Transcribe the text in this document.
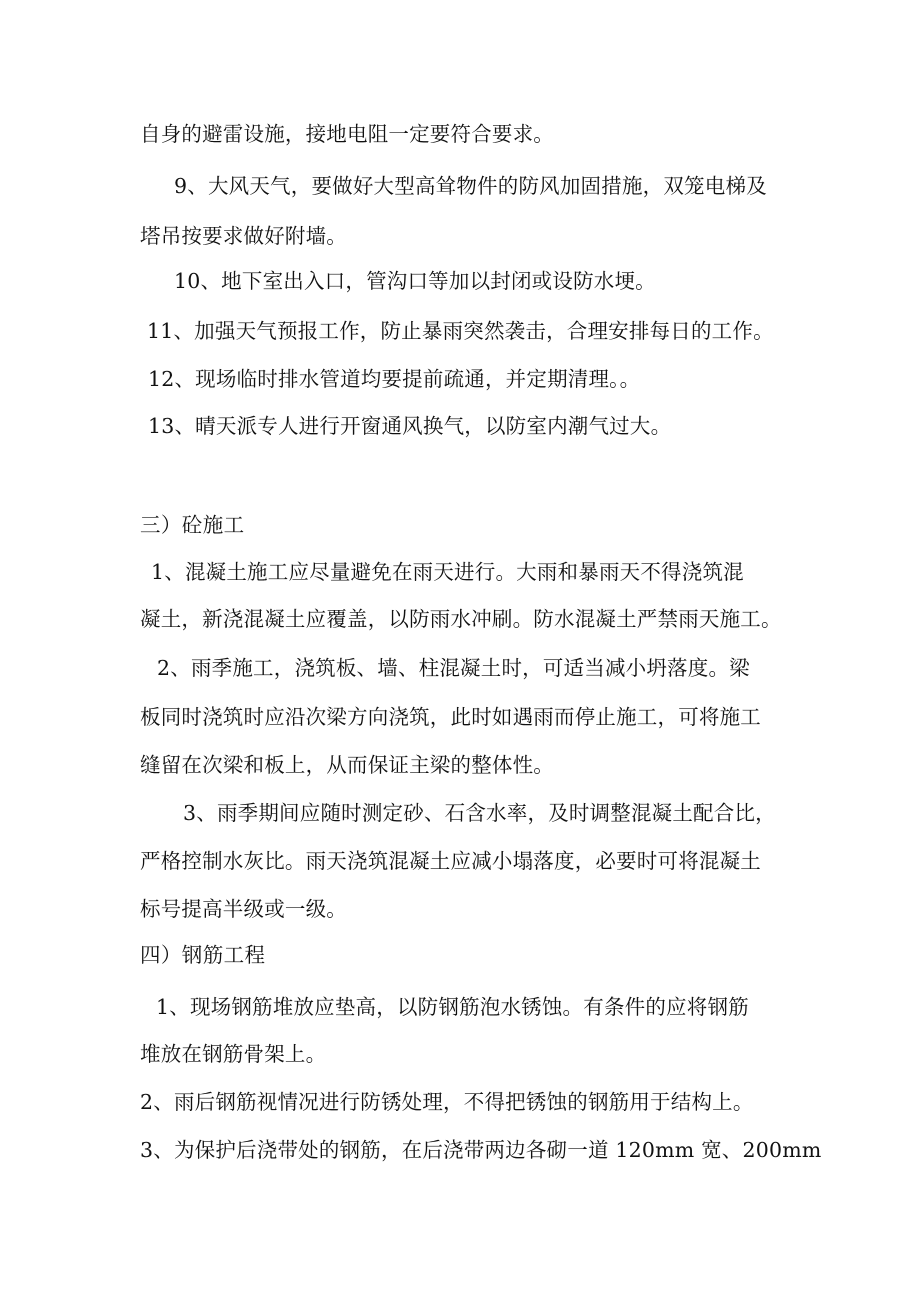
自身的避雷设施，接地电阻一定要符合要求。
9、大风天气，要做好大型高耸物件的防风加固措施，双笼电梯及
塔吊按要求做好附墙。
10、地下室出入口，管沟口等加以封闭或设防水埂。
11、加强天气预报工作，防止暴雨突然袭击，合理安排每日的工作。
12、现场临时排水管道均要提前疏通，并定期清理。。
13、晴天派专人进行开窗通风换气，以防室内潮气过大。
三）砼施工
1、混凝土施工应尽量避免在雨天进行。大雨和暴雨天不得浇筑混
凝土，新浇混凝土应覆盖，以防雨水冲刷。防水混凝土严禁雨天施工。
2、雨季施工，浇筑板、墙、柱混凝土时，可适当减小坍落度。梁
板同时浇筑时应沿次梁方向浇筑，此时如遇雨而停止施工，可将施工
缝留在次梁和板上，从而保证主梁的整体性。
3、雨季期间应随时测定砂、石含水率，及时调整混凝土配合比，
严格控制水灰比。雨天浇筑混凝土应减小塌落度，必要时可将混凝土
标号提高半级或一级。
四）钢筋工程
1、现场钢筋堆放应垫高，以防钢筋泡水锈蚀。有条件的应将钢筋
堆放在钢筋骨架上。
2、雨后钢筋视情况进行防锈处理，不得把锈蚀的钢筋用于结构上。
3、为保护后浇带处的钢筋，在后浇带两边各砌一道 120mm 宽、200mm
